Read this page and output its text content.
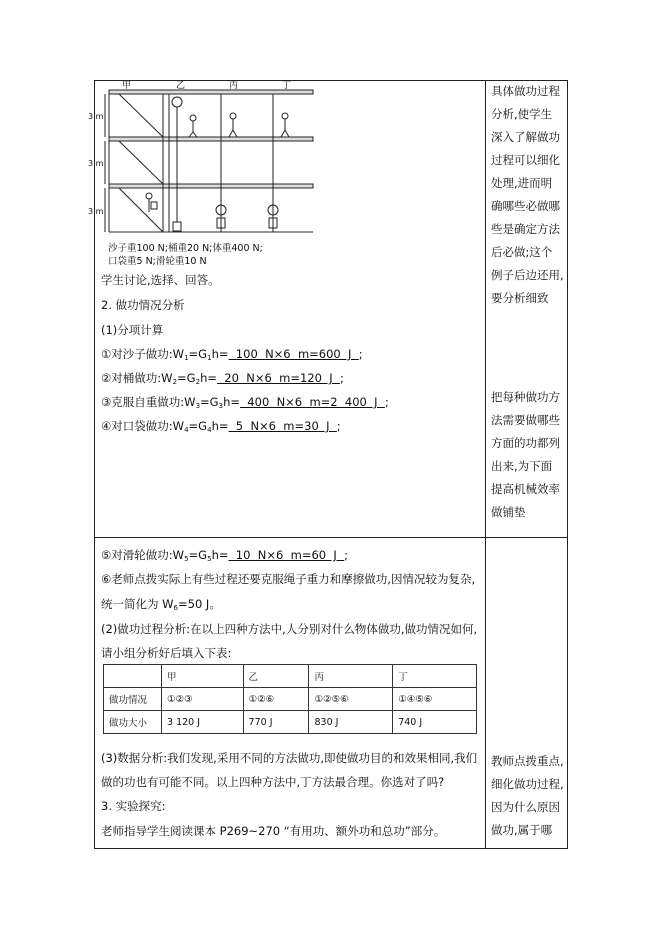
甲	乙	丙	丁
3 m
3 m
3 m
沙子重100 N;桶重20 N;体重400 N;
口袋重5 N;滑轮重10 N
学生讨论,选择、回答。
2. 做功情况分析
(1)分项计算
①对沙子做功$:W_1=G_1h= 100$  N×6  m=600  J  ;
②对桶做功$:W_2=G_2h= 20$  N×6  m=120  J  ;
③克服自重做功$:W_3=G_3h= 400$  N×6  m=2  400  J  ;
④对口袋做功$:W_4=G_4h= 5$  N×6  m=30  J  ;
具体做功过程
分析,使学生
深入了解做功
过程可以细化
处理,进而明
确哪些必做哪
些是确定方法
后必做;这个
例子后边还用,
要分析细致
把每种做功方
法需要做哪些
方面的功都列
出来,为下面
提高机械效率
做铺垫
⑤对滑轮做功$:W_5=G_5h= 10$  N×6  m=60  J  ;
⑥老师点拨实际上有些过程还要克服绳子重力和摩擦做功,因情况较为复杂,
统一简化为 $W_6=50$ J。
(2)做功过程分析:在以上四种方法中,人分别对什么物体做功,做功情况如何,
请小组分析好后填入下表:
	甲	乙	丙	丁
做功情况	①②③	①②⑥	①②⑤⑥	①④⑤⑥
做功大小	3 120 J	770 J	830 J	740 J
(3)数据分析:我们发现,采用不同的方法做功,即使做功目的和效果相同,我们
做的功也有可能不同。以上四种方法中,丁方法最合理。你选对了吗?
3. 实验探究:
老师指导学生阅读课本 P269~270 “有用功、额外功和总功”部分。
教师点拨重点,
细化做功过程,
因为什么原因
做功,属于哪
